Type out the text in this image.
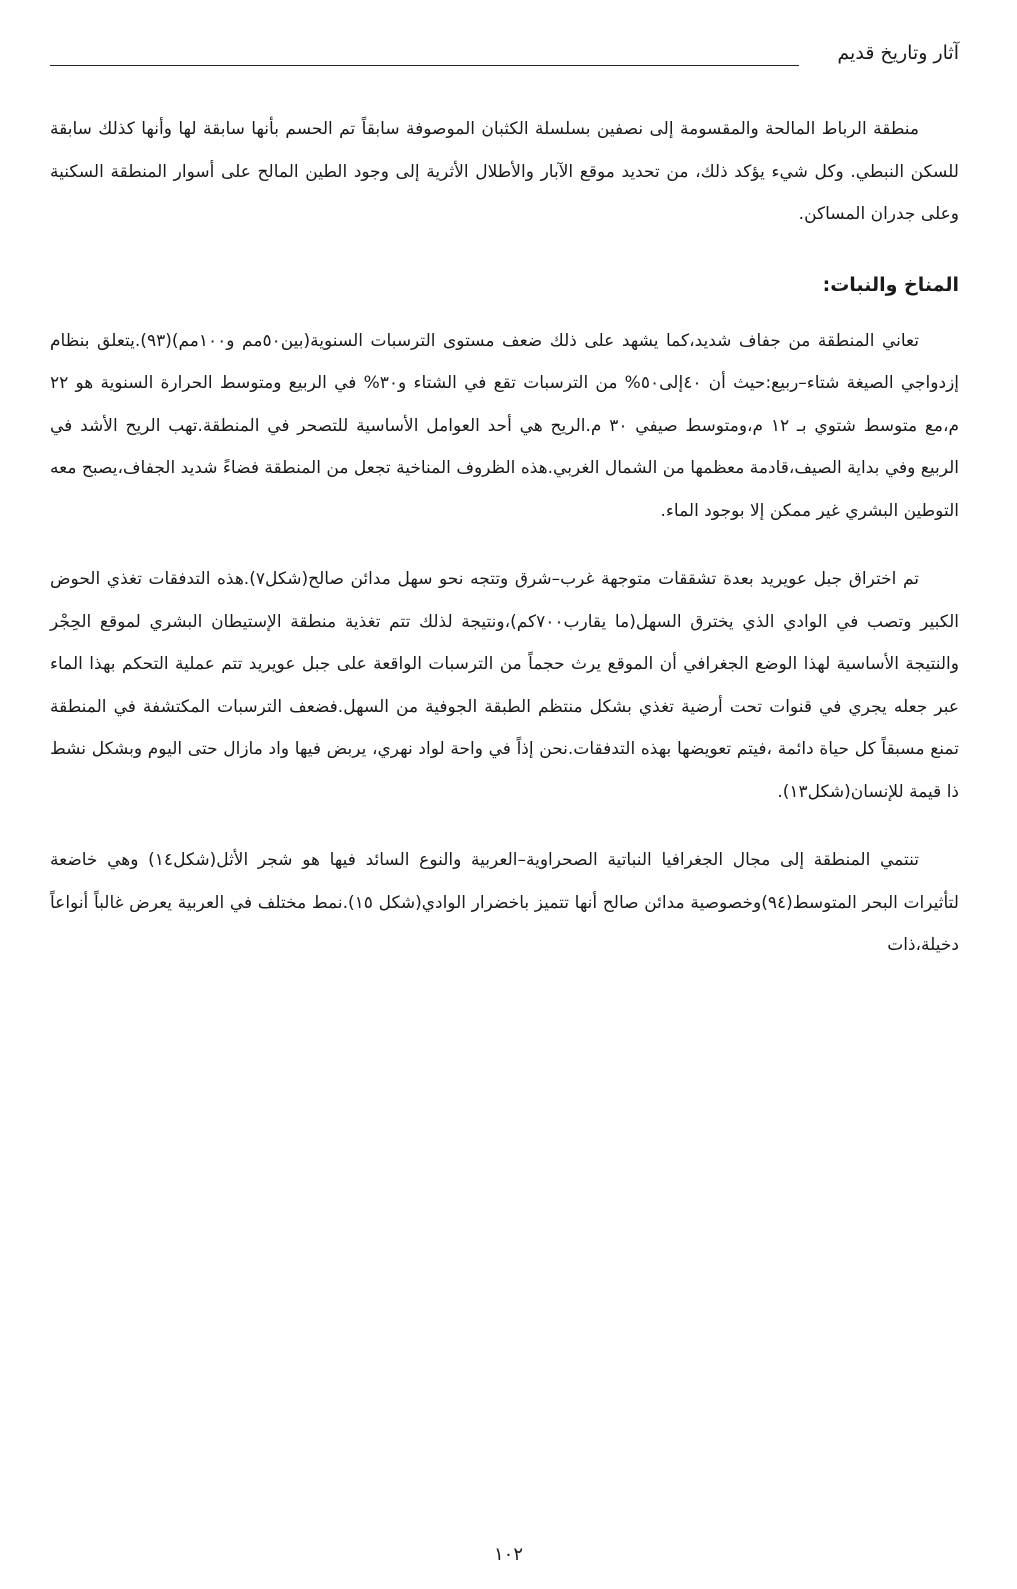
آثار وتاريخ قديم

منطقة الرباط المالحة والمقسومة إلى نصفين بسلسلة الكثبان الموصوفة سابقاً تم الحسم بأنها سابقة لها وأنها كذلك سابقة للسكن النبطي. وكل شيء يؤكد ذلك، من تحديد موقع الآبار والأطلال الأثرية إلى وجود الطين المالح على أسوار المنطقة السكنية وعلى جدران المساكن.

المناخ والنبات:

تعاني المنطقة من جفاف شديد،كما يشهد على ذلك ضعف مستوى الترسبات السنوية(بين٥٠مم و١٠٠مم)(٩٣).يتعلق بنظام إزدواجي الصيغة شتاء–ربيع:حيث أن ٤٠إلى٥٠% من الترسبات تقع في الشتاء و٣٠% في الربيع ومتوسط الحرارة السنوية هو ٢٢ م،مع متوسط شتوي بـ ١٢ م،ومتوسط صيفي ٣٠ م.الريح هي أحد العوامل الأساسية للتصحر في المنطقة.تهب الريح الأشد في الربيع وفي بداية الصيف،قادمة معظمها من الشمال الغربي.هذه الظروف المناخية تجعل من المنطقة فضاءً شديد الجفاف،يصبح معه التوطين البشري غير ممكن إلا بوجود الماء.

تم اختراق جبل عويريد بعدة تشققات متوجهة غرب–شرق وتتجه نحو سهل مدائن صالح(شكل٧).هذه التدفقات تغذي الحوض الكبير وتصب في الوادي الذي يخترق السهل(ما يقارب٧٠٠كم)،ونتيجة لذلك تتم تغذية منطقة الإستيطان البشري لموقع الحِجْر والنتيجة الأساسية لهذا الوضع الجغرافي أن الموقع يرث حجماً من الترسبات الواقعة على جبل عويريد تتم عملية التحكم بهذا الماء عبر جعله يجري في قنوات تحت أرضية تغذي بشكل منتظم الطبقة الجوفية من السهل.فضعف الترسبات المكتشفة في المنطقة تمنع مسبقاً كل حياة دائمة ،فيتم تعويضها بهذه التدفقات.نحن إذاً في واحة لواد نهري، يربض فيها واد مازال حتى اليوم وبشكل نشط ذا قيمة للإنسان(شكل١٣).

تنتمي المنطقة إلى مجال الجغرافيا النباتية الصحراوية–العربية والنوع السائد فيها هو شجر الأثل(شكل١٤) وهي خاضعة لتأثيرات البحر المتوسط(٩٤)وخصوصية مدائن صالح أنها تتميز باخضرار الوادي(شكل ١٥).نمط مختلف في العربية يعرض غالباً أنواعاً دخيلة،ذات

١٠٢
